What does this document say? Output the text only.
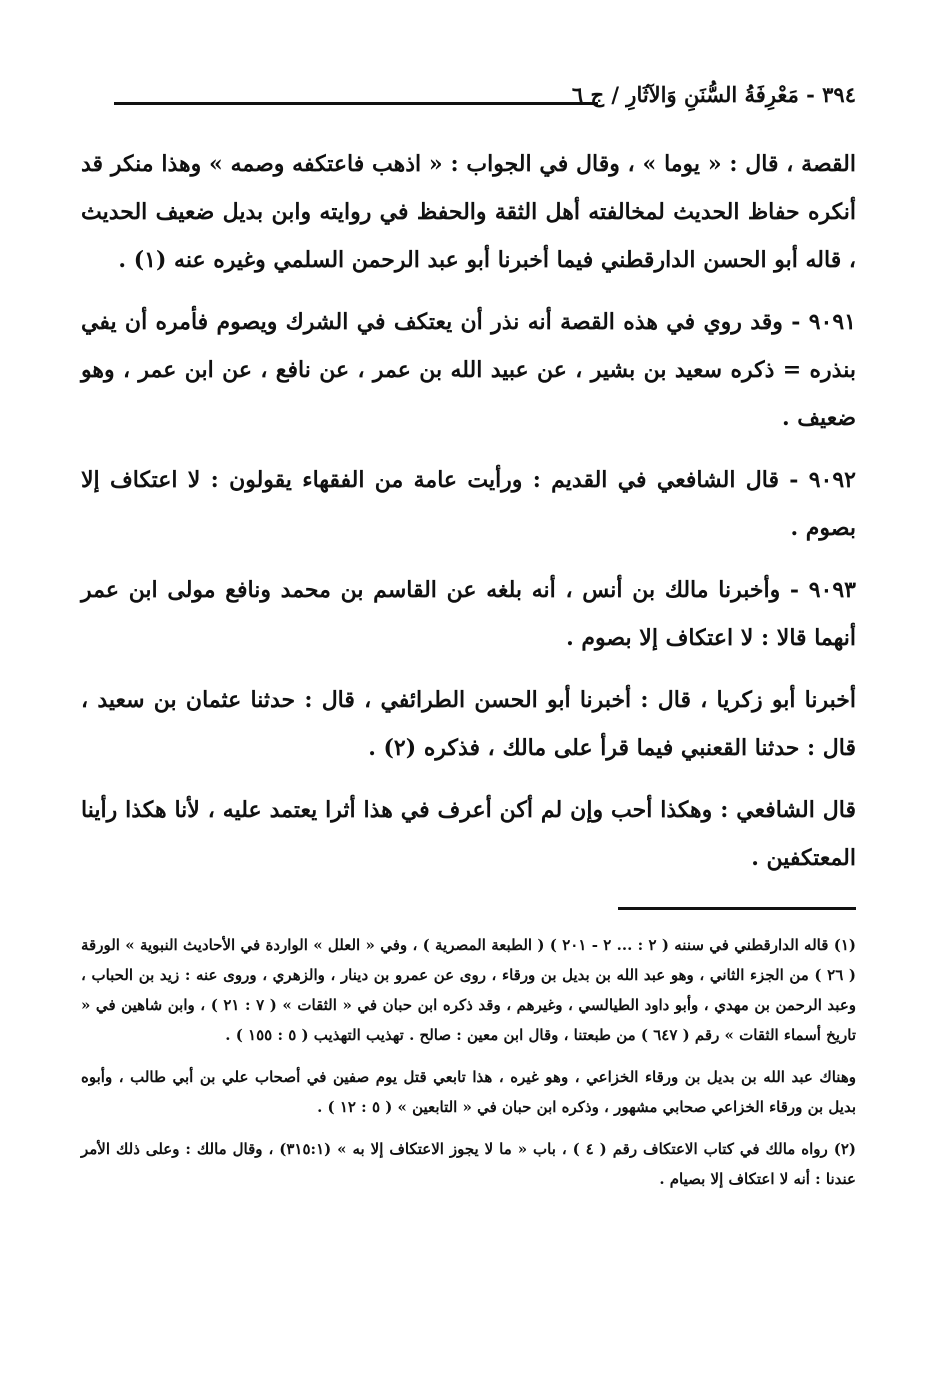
٣٩٤ - مَعْرِفَةُ السُّنَنِ وَالآثَارِ / ج ٦

القصة ، قال : « يوما » ، وقال في الجواب : « اذهب فاعتكفه وصمه » وهذا منكر قد أنكره حفاظ الحديث لمخالفته أهل الثقة والحفظ في روايته وابن بديل ضعيف الحديث ، قاله أبو الحسن الدارقطني فيما أخبرنا أبو عبد الرحمن السلمي وغيره عنه (١) .

٩٠٩١ - وقد روي في هذه القصة أنه نذر أن يعتكف في الشرك ويصوم فأمره أن يفي بنذره = ذكره سعيد بن بشير ، عن عبيد الله بن عمر ، عن نافع ، عن ابن عمر ، وهو ضعيف .

٩٠٩٢ - قال الشافعي في القديم : ورأيت عامة من الفقهاء يقولون : لا اعتكاف إلا بصوم .

٩٠٩٣ - وأخبرنا مالك بن أنس ، أنه بلغه عن القاسم بن محمد ونافع مولى ابن عمر أنهما قالا : لا اعتكاف إلا بصوم .

أخبرنا أبو زكريا ، قال : أخبرنا أبو الحسن الطرائفي ، قال : حدثنا عثمان بن سعيد ، قال : حدثنا القعنبي فيما قرأ على مالك ، فذكره (٢) .

قال الشافعي : وهكذا أحب وإن لم أكن أعرف في هذا أثرا يعتمد عليه ، لأنا هكذا رأينا المعتكفين .

(١) قاله الدارقطني في سننه ( ٢ : ... ٢ - ٢٠١ ) ( الطبعة المصرية ) ، وفي « العلل » الواردة في الأحاديث النبوية » الورقة ( ٢٦ ) من الجزء الثاني ، وهو عبد الله بن بديل بن ورقاء ، روى عن عمرو بن دينار ، والزهري ، وروى عنه : زيد بن الحباب ، وعبد الرحمن بن مهدي ، وأبو داود الطيالسي ، وغيرهم ، وقد ذكره ابن حبان في « الثقات » ( ٧ : ٢١ ) ، وابن شاهين في « تاريخ أسماء الثقات » رقم ( ٦٤٧ ) من طبعتنا ، وقال ابن معين : صالح . تهذيب التهذيب ( ٥ : ١٥٥ ) .

وهناك عبد الله بن بديل بن ورقاء الخزاعي ، وهو غيره ، هذا تابعي قتل يوم صفين في أصحاب علي بن أبي طالب ، وأبوه بديل بن ورقاء الخزاعي صحابي مشهور ، وذكره ابن حبان في « التابعين » ( ٥ : ١٢ ) .

(٢) رواه مالك في كتاب الاعتكاف رقم ( ٤ ) ، باب « ما لا يجوز الاعتكاف إلا به » (٣١٥:١) ، وقال مالك : وعلى ذلك الأمر عندنا : أنه لا اعتكاف إلا بصيام .
